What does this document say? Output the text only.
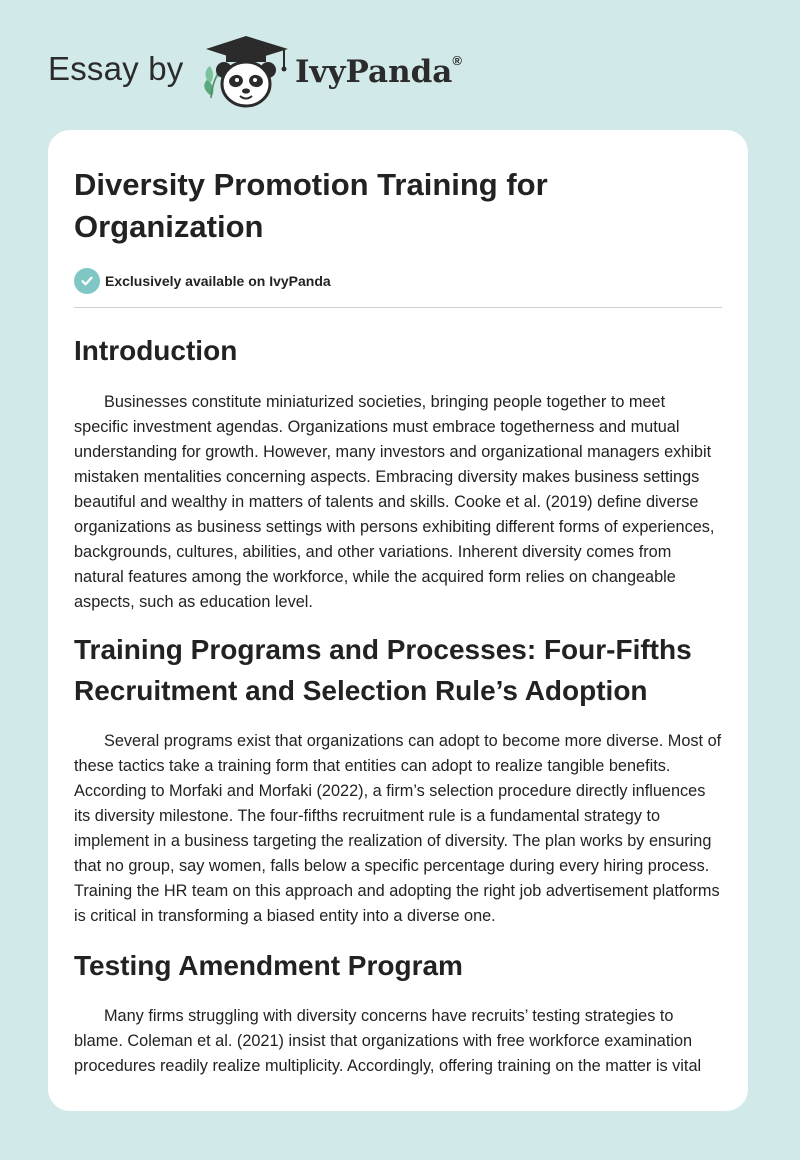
Essay by	IvyPanda®
Diversity Promotion Training for Organization
Exclusively available on IvyPanda
Introduction

Businesses constitute miniaturized societies, bringing people together to meet specific investment agendas. Organizations must embrace togetherness and mutual understanding for growth. However, many investors and organizational managers exhibit mistaken mentalities concerning aspects. Embracing diversity makes business settings beautiful and wealthy in matters of talents and skills. Cooke et al. (2019) define diverse organizations as business settings with persons exhibiting different forms of experiences, backgrounds, cultures, abilities, and other variations. Inherent diversity comes from natural features among the workforce, while the acquired form relies on changeable aspects, such as education level.

Training Programs and Processes: Four-Fifths Recruitment and Selection Rule’s Adoption

Several programs exist that organizations can adopt to become more diverse. Most of these tactics take a training form that entities can adopt to realize tangible benefits. According to Morfaki and Morfaki (2022), a firm’s selection procedure directly influences its diversity milestone. The four-fifths recruitment rule is a fundamental strategy to implement in a business targeting the realization of diversity. The plan works by ensuring that no group, say women, falls below a specific percentage during every hiring process. Training the HR team on this approach and adopting the right job advertisement platforms is critical in transforming a biased entity into a diverse one.

Testing Amendment Program

Many firms struggling with diversity concerns have recruits’ testing strategies to blame. Coleman et al. (2021) insist that organizations with free workforce examination procedures readily realize multiplicity. Accordingly, offering training on the matter is vital
